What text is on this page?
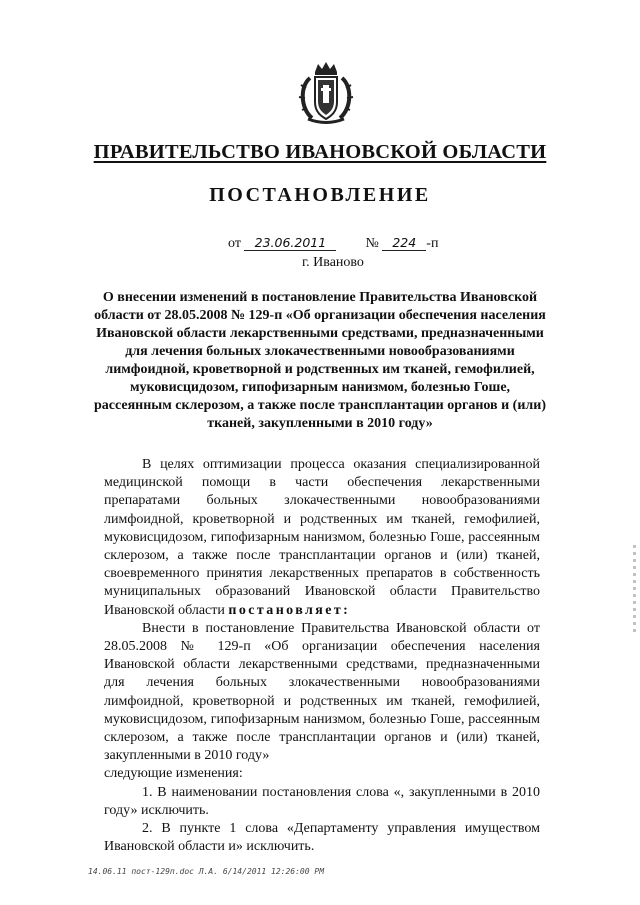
ПРАВИТЕЛЬСТВО ИВАНОВСКОЙ ОБЛАСТИ
ПОСТАНОВЛЕНИЕ
от 23.06.2011	№ 224 -п
г. Иваново
О внесении изменений в постановление Правительства Ивановской области от 28.05.2008 № 129-п «Об организации обеспечения населения Ивановской области лекарственными средствами, предназначенными для лечения больных злокачественными новообразованиями лимфоидной, кроветворной и родственных им тканей, гемофилией, муковисцидозом, гипофизарным нанизмом, болезнью Гоше, рассеянным склерозом, а также после трансплантации органов и (или) тканей, закупленными в 2010 году»

В целях оптимизации процесса оказания специализированной медицинской помощи в части обеспечения лекарственными препаратами больных злокачественными новообразованиями лимфоидной, кроветворной и родственных им тканей, гемофилией, муковисцидозом, гипофизарным нанизмом, болезнью Гоше, рассеянным склерозом, а также после трансплантации органов и (или) тканей, своевременного принятия лекарственных препаратов в собственность муниципальных образований Ивановской области Правительство Ивановской области постановляет:

Внести в постановление Правительства Ивановской области от 28.05.2008 № 129-п «Об организации обеспечения населения Ивановской области лекарственными средствами, предназначенными для лечения больных злокачественными новообразованиями лимфоидной, кроветворной и родственных им тканей, гемофилией, муковисцидозом, гипофизарным нанизмом, болезнью Гоше, рассеянным склерозом, а также после трансплантации органов и (или) тканей, закупленными в 2010 году»

следующие изменения:

1. В наименовании постановления слова «, закупленными в 2010 году» исключить.

2. В пункте 1 слова «Департаменту управления имуществом Ивановской области и» исключить.

14.06.11 пост-129п.doc Л.А. 6/14/2011 12:26:00 PM
